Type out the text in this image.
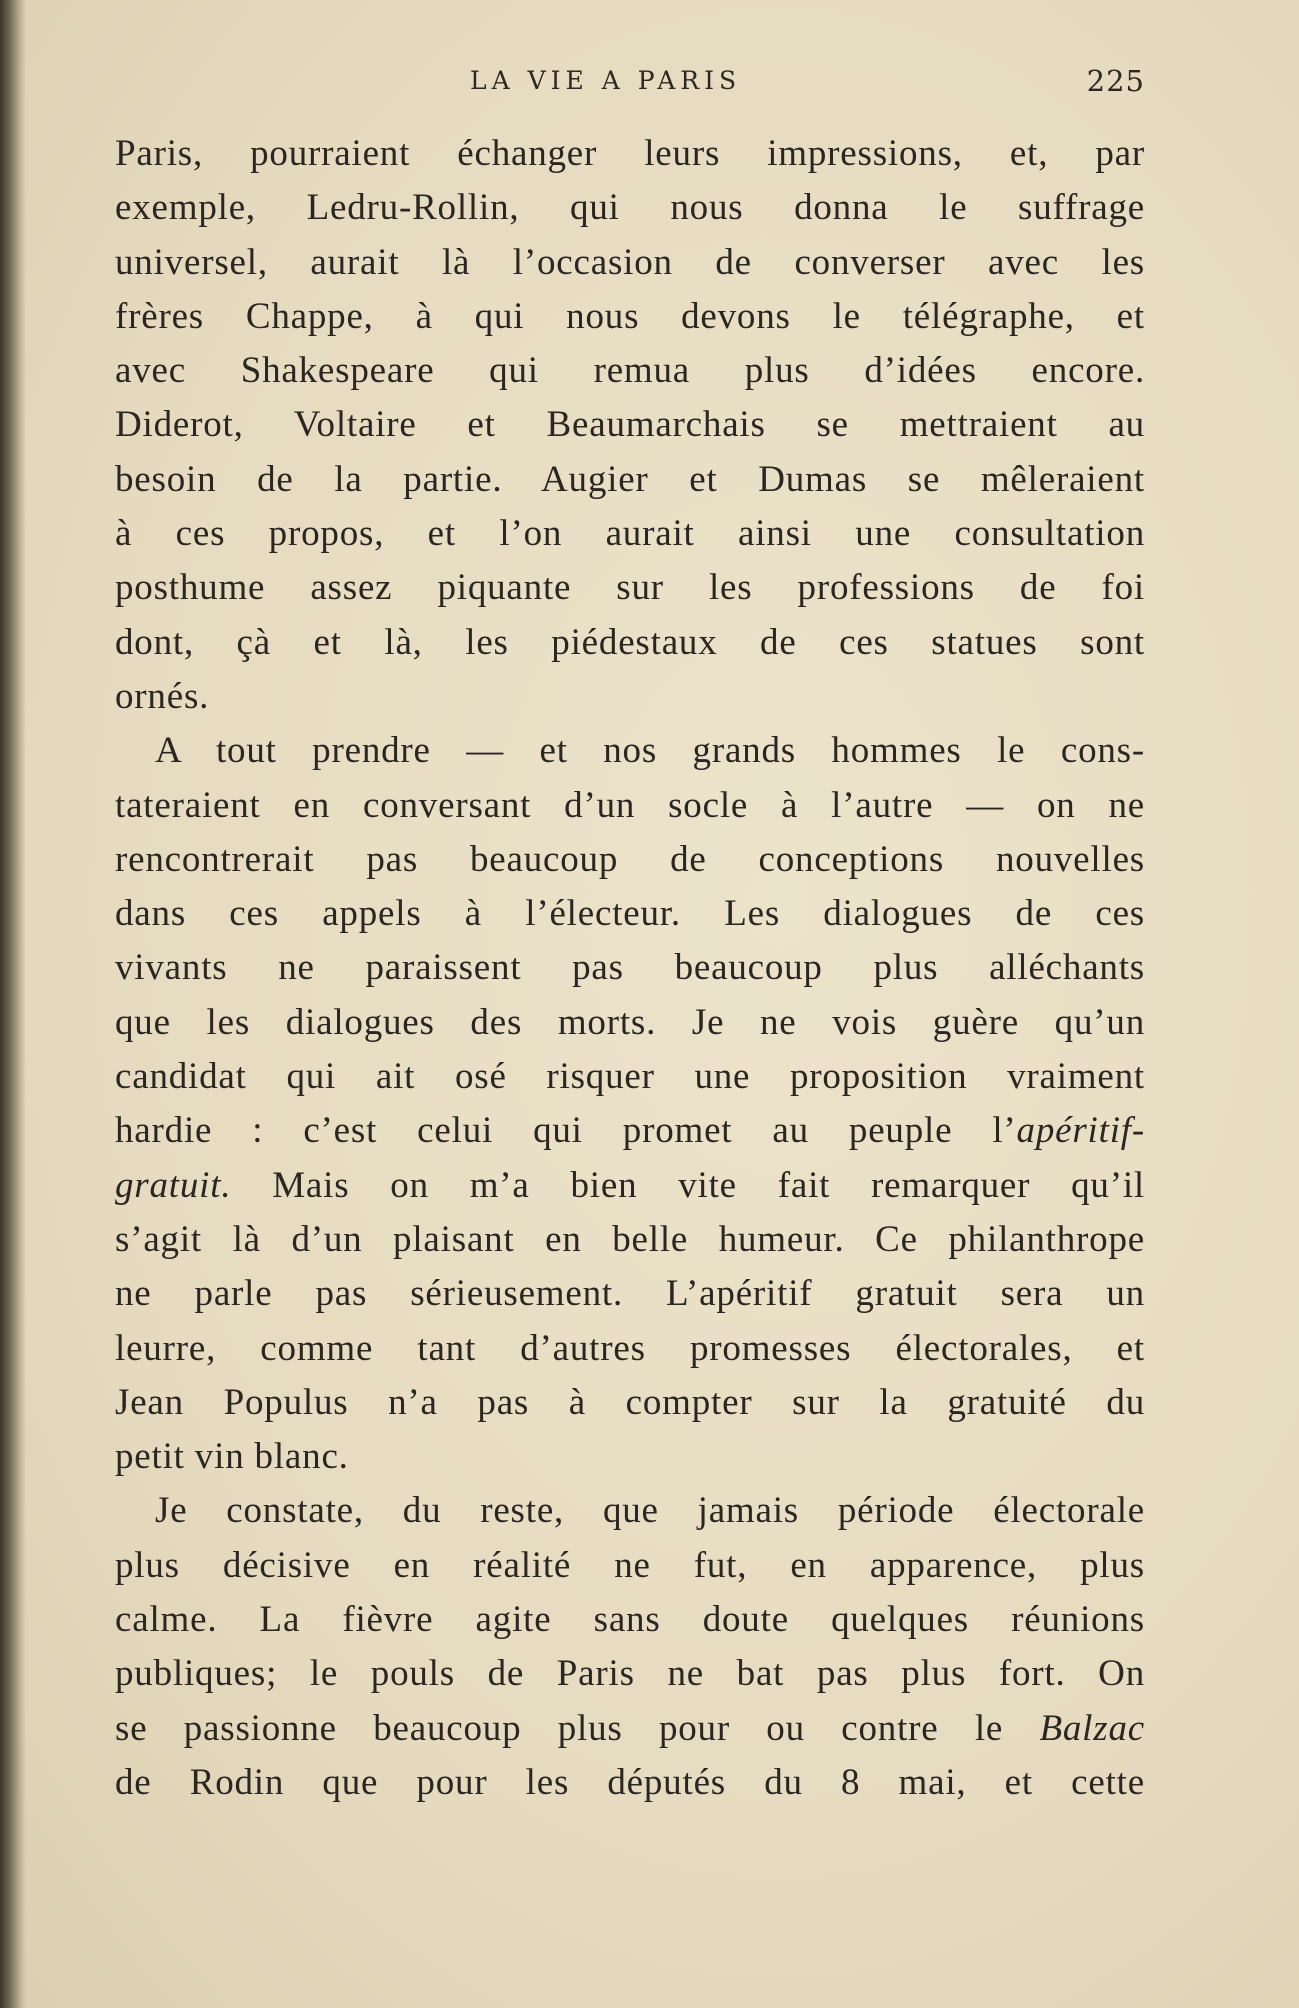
LA VIE A PARIS	225
Paris, pourraient échanger leurs impressions, et, par
exemple, Ledru-Rollin, qui nous donna le suffrage
universel, aurait là l’occasion de converser avec les
frères Chappe, à qui nous devons le télégraphe, et
avec Shakespeare qui remua plus d’idées encore.
Diderot, Voltaire et Beaumarchais se mettraient au
besoin de la partie. Augier et Dumas se mêleraient
à ces propos, et l’on aurait ainsi une consultation
posthume assez piquante sur les professions de foi
dont, çà et là, les piédestaux de ces statues sont
ornés.
A tout prendre — et nos grands hommes le cons-
tateraient en conversant d’un socle à l’autre — on ne
rencontrerait pas beaucoup de conceptions nouvelles
dans ces appels à l’électeur. Les dialogues de ces
vivants ne paraissent pas beaucoup plus alléchants
que les dialogues des morts. Je ne vois guère qu’un
candidat qui ait osé risquer une proposition vraiment
hardie : c’est celui qui promet au peuple l’apéritif-
gratuit. Mais on m’a bien vite fait remarquer qu’il
s’agit là d’un plaisant en belle humeur. Ce philanthrope
ne parle pas sérieusement. L’apéritif gratuit sera un
leurre, comme tant d’autres promesses électorales, et
Jean Populus n’a pas à compter sur la gratuité du
petit vin blanc.
Je constate, du reste, que jamais période électorale
plus décisive en réalité ne fut, en apparence, plus
calme. La fièvre agite sans doute quelques réunions
publiques; le pouls de Paris ne bat pas plus fort. On
se passionne beaucoup plus pour ou contre le Balzac
de Rodin que pour les députés du 8 mai, et cette
